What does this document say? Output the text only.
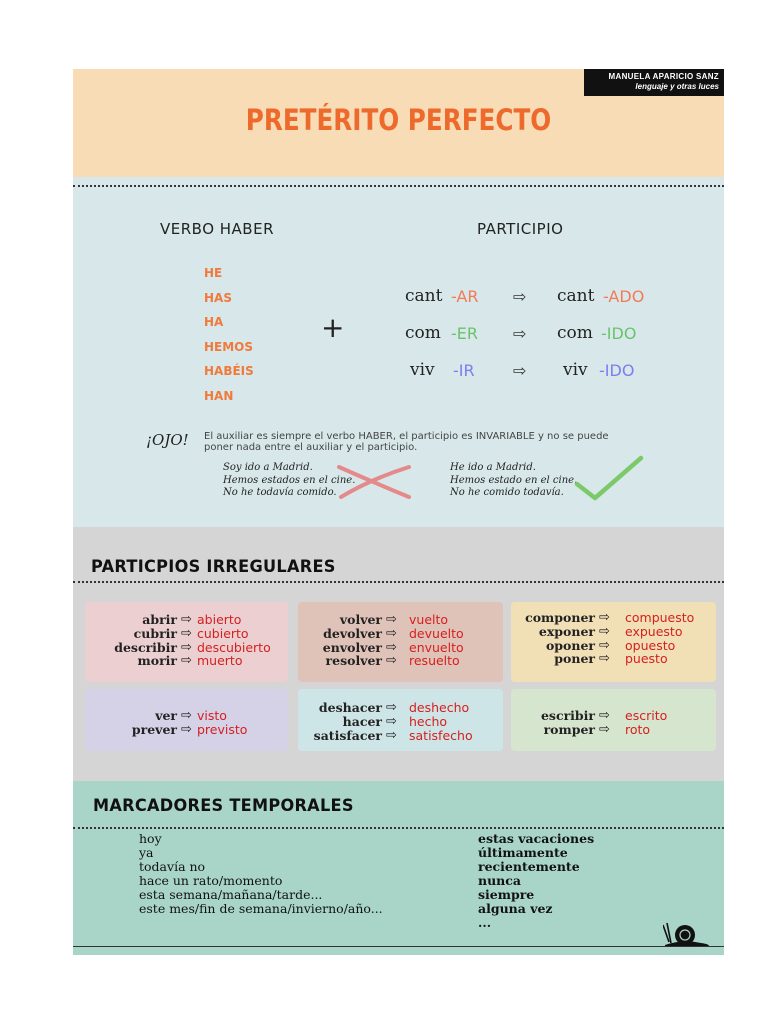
MANUELA APARICIO SANZ
lenguaje y otras luces
PRETÉRITO PERFECTO
VERBO HABER	PARTICIPIO
HE
HAS
HA
HEMOS
HABÉIS
HAN
+
cant -AR ⇨ cant -ADO
com -ER ⇨ com -IDO
viv -IR ⇨ viv -IDO
¡OJO! El auxiliar es siempre el verbo HABER, el participio es INVARIABLE y no se puede poner nada entre el auxiliar y el participio.
Soy ido a Madrid.
Hemos estados en el cine.
No he todavía comido.
He ido a Madrid.
Hemos estado en el cine.
No he comido todavía.
PARTICPIOS IRREGULARES
abrir
cubrir
describir
morir
⇨
⇨
⇨
⇨
abierto
cubierto
descubierto
muerto
volver
devolver
envolver
resolver
⇨
⇨
⇨
⇨
vuelto
devuelto
envuelto
resuelto
componer
exponer
oponer
poner
⇨
⇨
⇨
⇨
compuesto
expuesto
opuesto
puesto
ver
prever
⇨
⇨
visto
previsto
deshacer
hacer
satisfacer
⇨
⇨
⇨
deshecho
hecho
satisfecho
escribir
romper
⇨
⇨
escrito
roto
MARCADORES TEMPORALES
hoy
ya
todavía no
hace un rato/momento
esta semana/mañana/tarde...
este mes/fin de semana/invierno/año...
estas vacaciones
últimamente
recientemente
nunca
siempre
alguna vez
...
